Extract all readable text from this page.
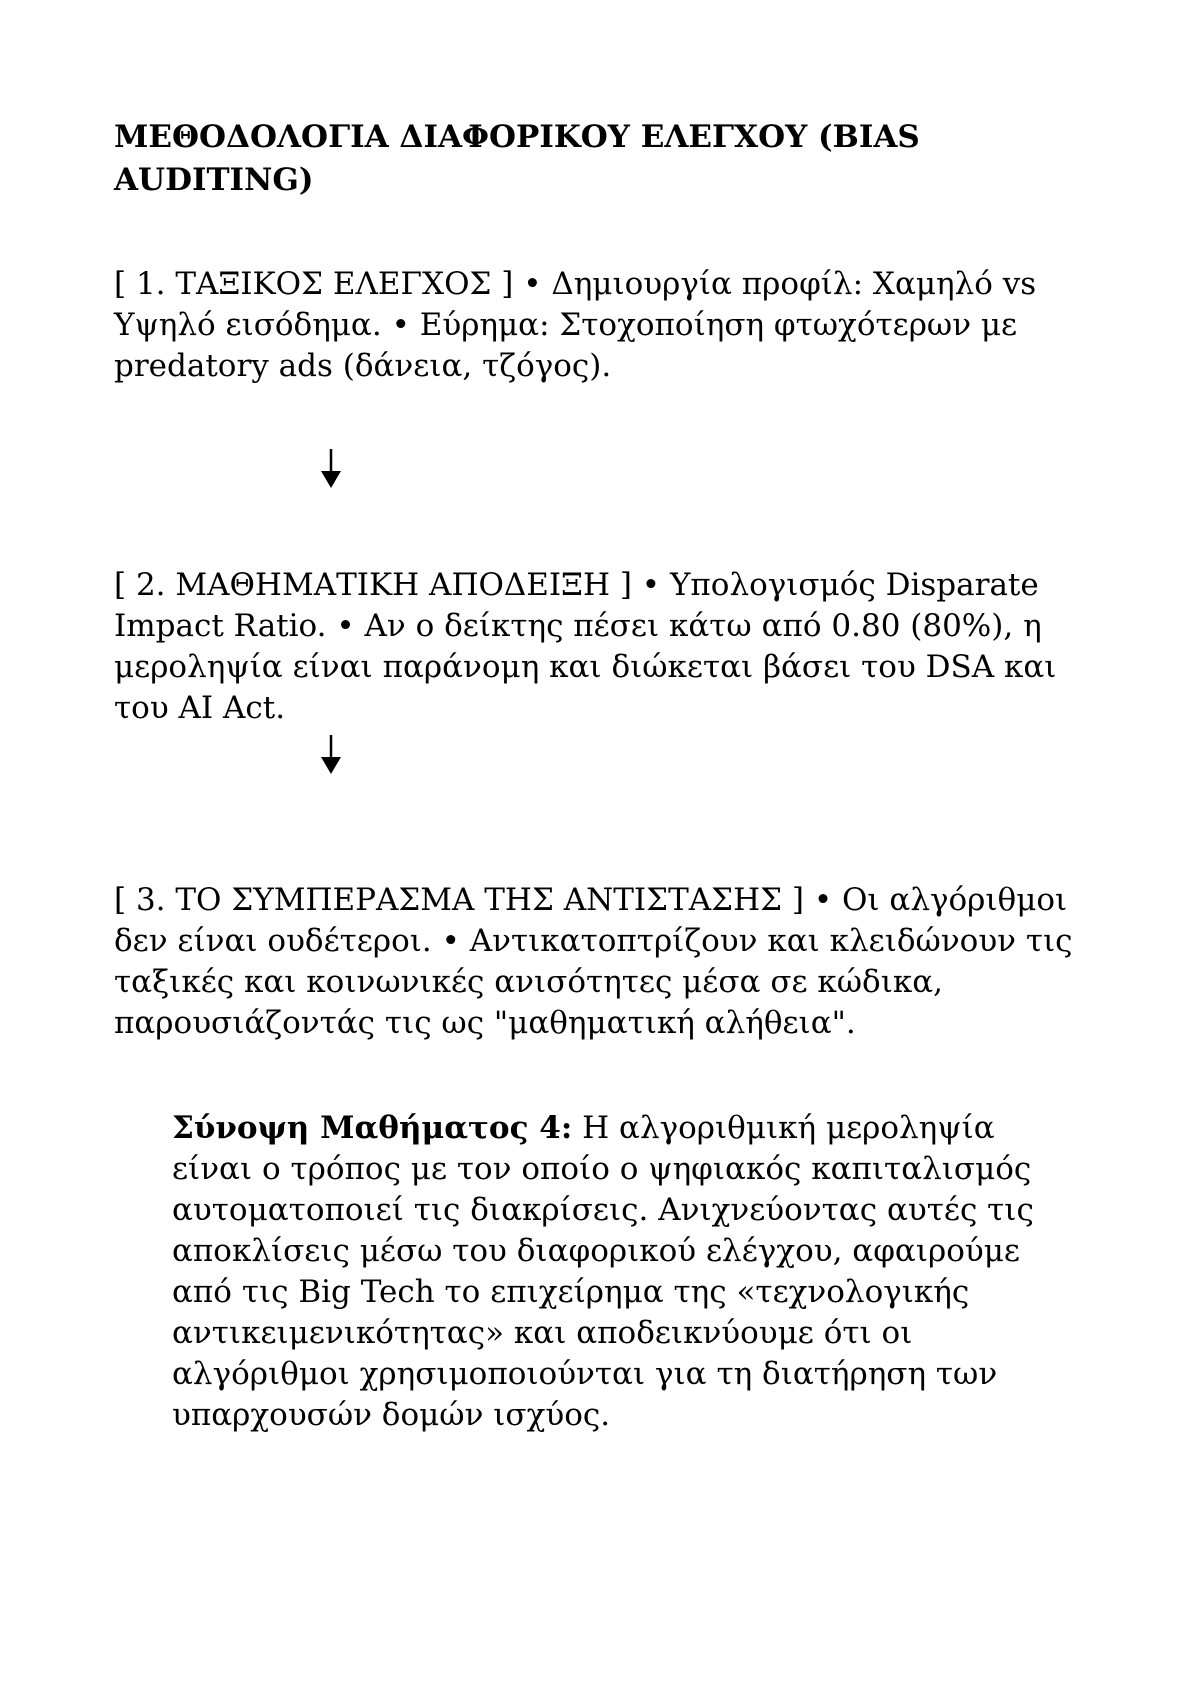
ΜΕΘΟΔΟΛΟΓΙΑ ΔΙΑΦΟΡΙΚΟΥ ΕΛΕΓΧΟΥ (BIAS AUDITING)

[ 1. ΤΑΞΙΚΟΣ ΕΛΕΓΧΟΣ ] • Δημιουργία προφίλ: Χαμηλό vs Υψηλό εισόδημα. • Εύρημα: Στοχοποίηση φτωχότερων με predatory ads (δάνεια, τζόγος).

[ 2. ΜΑΘΗΜΑΤΙΚΗ ΑΠΟΔΕΙΞΗ ] • Υπολογισμός Disparate Impact Ratio. • Αν ο δείκτης πέσει κάτω από 0.80 (80%), η μεροληψία είναι παράνομη και διώκεται βάσει του DSA και του AI Act.

[ 3. ΤΟ ΣΥΜΠΕΡΑΣΜΑ ΤΗΣ ΑΝΤΙΣΤΑΣΗΣ ] • Οι αλγόριθμοι δεν είναι ουδέτεροι. • Αντικατοπτρίζουν και κλειδώνουν τις ταξικές και κοινωνικές ανισότητες μέσα σε κώδικα, παρουσιάζοντάς τις ως "μαθηματική αλήθεια".

Σύνοψη Μαθήματος 4: Η αλγοριθμική μεροληψία είναι ο τρόπος με τον οποίο ο ψηφιακός καπιταλισμός αυτοματοποιεί τις διακρίσεις. Ανιχνεύοντας αυτές τις αποκλίσεις μέσω του διαφορικού ελέγχου, αφαιρούμε από τις Big Tech το επιχείρημα της «τεχνολογικής αντικειμενικότητας» και αποδεικνύουμε ότι οι αλγόριθμοι χρησιμοποιούνται για τη διατήρηση των υπαρχουσών δομών ισχύος.
